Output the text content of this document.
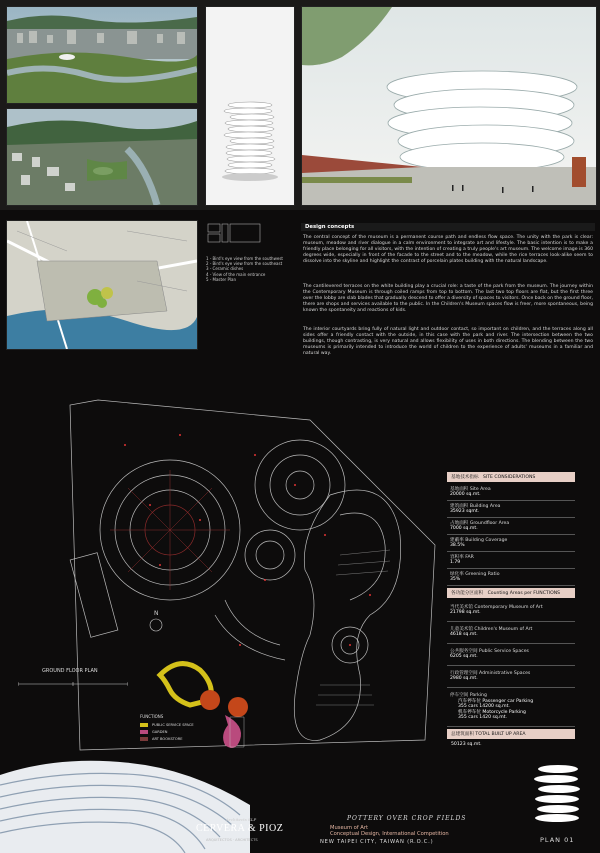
1 - Bird's eye view from the southwest
2 - Bird's eye view from the southeast
3 - Ceramic dishes
4 - View of the main entrance
5 - Master Plan
Design concepts
The central concept of the museum is a permanent course path and endless flow space. The unity with the park is clear: museum, meadow and river dialogue in a calm environment to integrate art and lifestyle. The basic intention is to make a friendly place belonging for all visitors, with the intention of creating a truly people's art museum. The welcome image is 360 degrees wide, especially in front of the facade to the street and to the meadow, while the rice terraces look-alike seem to dissolve into the skyline and highlight the contrast of porcelain plates building with the natural landscape.
The cantilevered terraces on the white building play a crucial role: a taste of the park from the museum. The journey within the Contemporary Museum is through coiled ramps from top to bottom. The last two top floors are flat, but the first three over the lobby are slab blades that gradually descend to offer a diversity of spaces to visitors. Once back on the ground floor, there are shops and services available to the public. In the Children's Museum spaces flow is freer, more spontaneous, being known the spontaneity and reactions of kids.
The interior courtyards bring fully of natural light and outdoor contact, so important on children, and the terraces along all sides offer a friendly contact with the outside, in this case with the park and river. The intersection between the two buildings, though contrasting, is very natural and allows flexibility of uses in both directions. The blending between the two museums is primarily intended to introduce the world of children to the experience of adults' museums in a familiar and natural way.
N
GROUND FLOOR PLAN
FUNCTIONS
PUBLIC SERVICE SPACE
GARDEN
ART BOOKSTORE
基地技术指标 SITE CONSIDERATIONS
基地面积 Site Area
20000 sq.mt.
建筑面积 Building Area
35923 sqmt.
占地面积 Groundfloor Area
7000 sq.mt.
建蔽率 Building Coverage
38.5%
容积率 FAR
1.79
绿化率 Greening Ratio
35%
各功能分区面积 Counting Areas per FUNCTIONS
当代美术馆 Contemporary Museum of Art
21798 sq.mt.
儿童美术馆 Children's Museum of Art
4618 sq.mt.
公共服务空间 Public Service Spaces
6205 sq.mt.
行政管理空间 Administrative Spaces
2980 sq.mt.
停车空间 Parking
汽车停车位 Passenger car Parking
355 cars 14200 sq.mt.
机车停车位 Motorcycle Parking
355 cars 1420 sq.mt.
总建筑面积 TOTAL BUILT UP AREA
50123 sq.mt.
Architects SLP
CERVERA & PIOZ
ARQUITECTOS · ARCHITECTS
POTTERY OVER CROP FIELDS
Museum of Art
Conceptual Design, International Competition
NEW TAIPEI CITY, TAIWAN (R.O.C.)	PLAN 01
